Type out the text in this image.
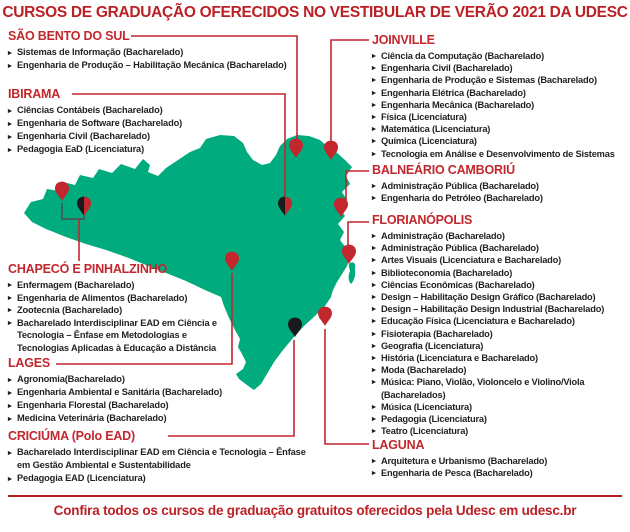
CURSOS DE GRADUAÇÃO OFERECIDOS NO VESTIBULAR DE VERÃO 2021 DA UDESC
SÃO BENTO DO SUL
▸ Sistemas de Informação (Bacharelado)
▸ Engenharia de Produção – Habilitação Mecânica (Bacharelado)
IBIRAMA
▸ Ciências Contábeis (Bacharelado)
▸ Engenharia de Software (Bacharelado)
▸ Engenharia Civil (Bacharelado)
▸ Pedagogia EaD (Licenciatura)
CHAPECÓ E PINHALZINHO
▸ Enfermagem (Bacharelado)
▸ Engenharia de Alimentos (Bacharelado)
▸ Zootecnia (Bacharelado)
▸ Bacharelado Interdisciplinar EAD em Ciência e Tecnologia – Ênfase em Metodologias e Tecnologias Aplicadas à Educação a Distância
LAGES
▸ Agronomia(Bacharelado)
▸ Engenharia Ambiental e Sanitária (Bacharelado)
▸ Engenharia Florestal (Bacharelado)
▸ Medicina Veterinária (Bacharelado)
CRICIÚMA (Polo EAD)
▸ Bacharelado Interdisciplinar EAD em Ciência e Tecnologia – Ênfase em Gestão Ambiental e Sustentabilidade
▸ Pedagogia EAD (Licenciatura)
JOINVILLE
▸ Ciência da Computação (Bacharelado)
▸ Engenharia Civil (Bacharelado)
▸ Engenharia de Produção e Sistemas (Bacharelado)
▸ Engenharia Elétrica (Bacharelado)
▸ Engenharia Mecânica (Bacharelado)
▸ Física (Licenciatura)
▸ Matemática (Licenciatura)
▸ Química (Licenciatura)
▸ Tecnologia em Análise e Desenvolvimento de Sistemas
BALNEÁRIO CAMBORIÚ
▸ Administração Pública (Bacharelado)
▸ Engenharia do Petróleo (Bacharelado)
FLORIANÓPOLIS
▸ Administração (Bacharelado)
▸ Administração Pública (Bacharelado)
▸ Artes Visuais (Licenciatura e Bacharelado)
▸ Biblioteconomia (Bacharelado)
▸ Ciências Econômicas (Bacharelado)
▸ Design – Habilitação Design Gráfico (Bacharelado)
▸ Design – Habilitação Design Industrial (Bacharelado)
▸ Educação Física (Licenciatura e Bacharelado)
▸ Fisioterapia (Bacharelado)
▸ Geografia (Licenciatura)
▸ História (Licenciatura e Bacharelado)
▸ Moda (Bacharelado)
▸ Música: Piano, Violão, Violoncelo e Violino/Viola (Bacharelados)
▸ Música (Licenciatura)
▸ Pedagogia (Licenciatura)
▸ Teatro (Licenciatura)
LAGUNA
▸ Arquitetura e Urbanismo (Bacharelado)
▸ Engenharia de Pesca (Bacharelado)
Confira todos os cursos de graduação gratuitos oferecidos pela Udesc em udesc.br
